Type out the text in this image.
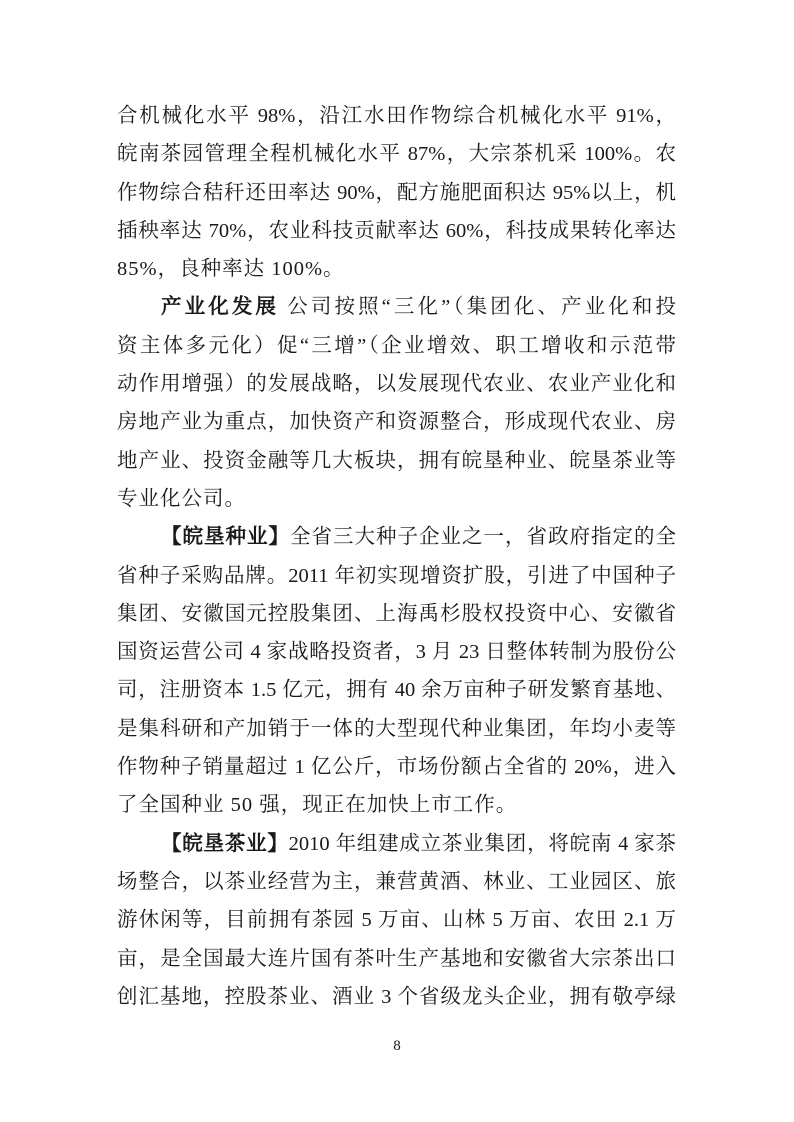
合机械化水平 98%，沿江水田作物综合机械化水平 91%，
皖南茶园管理全程机械化水平 87%，大宗茶机采 100%。农
作物综合秸秆还田率达 90%，配方施肥面积达 95%以上，机
插秧率达 70%，农业科技贡献率达 60%，科技成果转化率达
85%，良种率达 100%。
产业化发展 公司按照“三化”（集团化、产业化和投
资主体多元化）促“三增”（企业增效、职工增收和示范带
动作用增强）的发展战略，以发展现代农业、农业产业化和
房地产业为重点，加快资产和资源整合，形成现代农业、房
地产业、投资金融等几大板块，拥有皖垦种业、皖垦茶业等
专业化公司。
【皖垦种业】全省三大种子企业之一，省政府指定的全
省种子采购品牌。2011 年初实现增资扩股，引进了中国种子
集团、安徽国元控股集团、上海禹杉股权投资中心、安徽省
国资运营公司 4 家战略投资者，3 月 23 日整体转制为股份公
司，注册资本 1.5 亿元，拥有 40 余万亩种子研发繁育基地、
是集科研和产加销于一体的大型现代种业集团，年均小麦等
作物种子销量超过 1 亿公斤，市场份额占全省的 20%，进入
了全国种业 50 强，现正在加快上市工作。
【皖垦茶业】2010 年组建成立茶业集团，将皖南 4 家茶
场整合，以茶业经营为主，兼营黄酒、林业、工业园区、旅
游休闲等，目前拥有茶园 5 万亩、山林 5 万亩、农田 2.1 万
亩，是全国最大连片国有茶叶生产基地和安徽省大宗茶出口
创汇基地，控股茶业、酒业 3 个省级龙头企业，拥有敬亭绿
8
